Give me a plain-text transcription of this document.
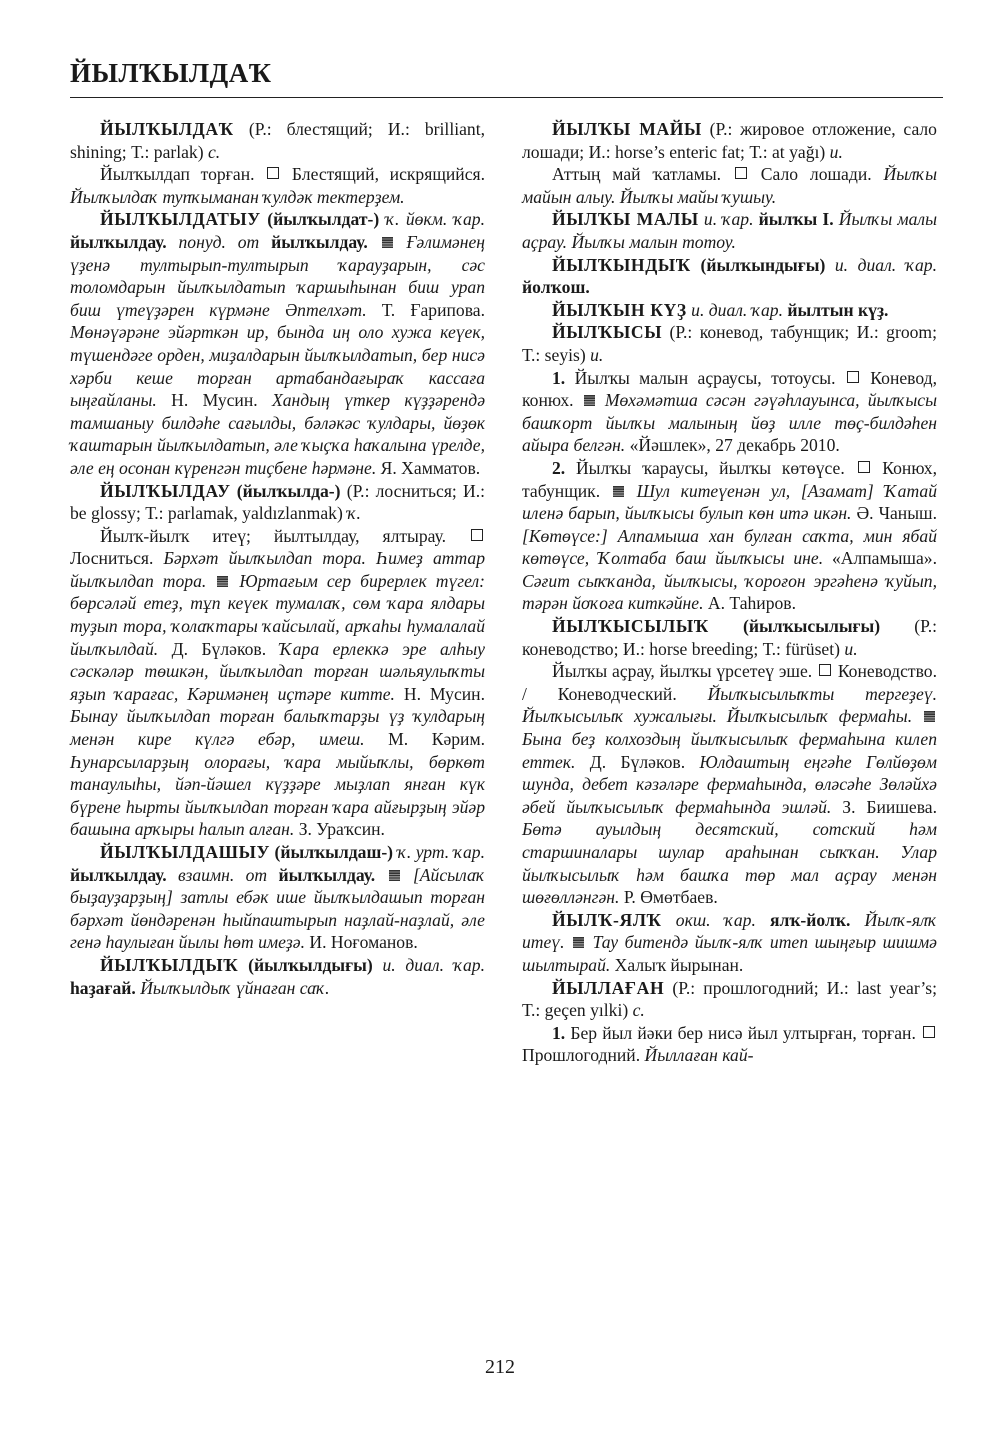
ЙЫЛҠЫЛДАҠ

ЙЫЛҠЫЛДАҠ (Р.: блестящий; И.: brilliant, shining; Т.: parlak) с.

Йылҡылдап торған.  Блестящий, искрящийся. Йылҡылдаҡ тупҡыманан ҡулдәк тектерҙем.

ЙЫЛҠЫЛДАТЫУ (йылҡылдат-) ҡ. йөкм. ҡар. йылҡылдау. понуд. от йылҡылдау. Ғәлимәнең үҙенә тултырып-тултырып ҡарауҙарын, сәс толомдарын йылҡылдатып ҡаршыһынан биш урап биш үтеүҙәрен күрмәне Әптелхәт. Т. Ғарипова. Мөнәүәрәне эйәрткән ир, бында иң оло хужа кеүек, түшендәге орден, миҙалдарын йылҡылдатып, бер нисә хәрби кеше торған артабандағыраҡ кассаға ыңғайланы. Н. Мусин. Хандың үткер күҙҙәрендә тамшаныу билдәһе сағылды, бәләкәс ҡулдары, йөҙөк ҡаштарын йылҡылдатып, әле ҡыҫҡа һаҡалына үрелде, әле ең осонан күренгән тиҫбене һәрмәне. Я. Хамматов.

ЙЫЛҠЫЛДАУ (йылҡылда-) (Р.: лосниться; И.: be glossy; Т.: parlamak, yaldızlanmak) ҡ.

Йылҡ-йылҡ итеү; йылтылдау, ялтырау.  Лосниться. Бәрхәт йылҡылдап тора. Һимеҙ аттар йылҡылдап тора. Юртағым сер бирерлек түгел: бөрсәләй етеҙ, тұп кеүек тумалаҡ, сөм ҡара ялдары туҙып тора, ҡолаҡтары ҡайсылай, арҡаһы һумалалай йылҡылдай. Д. Бүләков. Ҡара ерлеккә эре алһыу сәскәләр төшкән, йылҡылдап торған шәльяулыҡты яҙып ҡарағас, Кәримәнең иҫтәре китте. Н. Мусин. Бынау йылҡылдап торған балыҡтарҙы үҙ ҡулдарың менән кире күлгә ебәр, имеш. М. Кәрим. Һунарсыларҙың олорағы, ҡара мыйыҡлы, бөркөт танаулыһы, йәп-йәшел күҙҙәре мыҙлап янған күк бүрене һырты йылҡылдап торған ҡара айғырҙың эйәр башына арҡыры һалып алған. З. Ураҡсин.

ЙЫЛҠЫЛДАШЫУ (йылҡылдаш-) ҡ. урт. ҡар. йылҡылдау. взаимн. от йылҡылдау. [Айсылаҡ быҙауҙарҙың] затлы ебәк ише йылҡылдашып торған бәрхәт йөндәренән һыйпаштырып наҙлай-наҙлай, әле генә һаулыған йылы һөт имеҙә. И. Ноғоманов.

ЙЫЛҠЫЛДЫҠ (йылҡылдығы) и. диал. ҡар. һаҙағай. Йылҡылдыҡ үйнаған саҡ.

ЙЫЛҠЫ МАЙЫ (Р.: жировое отложение, сало лошади; И.: horse’s enteric fat; Т.: at yağı) и.

Аттың май ҡатламы.  Сало лошади. Йылҡы майын алыу. Йылҡы майы ҡушыу.

ЙЫЛҠЫ МАЛЫ и. ҡар. йылҡы I. Йылҡы малы аҫрау. Йылҡы малын тотоу.

ЙЫЛҠЫНДЫҠ (йылҡындығы) и. диал. ҡар. йолҡош.

ЙЫЛҠЫН КҮҘ и. диал. ҡар. йылтын күҙ.

ЙЫЛҠЫСЫ (Р.: коневод, табунщик; И.: groom; Т.: seyis) и.

1. Йылҡы малын аҫраусы, тотоусы.  Коневод, конюх.  Мөхәмәтша сәсән гәүәһлауынса, йылҡысы башҡорт йылҡы малының йөҙ илле төҫ-билдәһен айыра белгән. «Йәшлек», 27 декабрь 2010.

2. Йылҡы ҡараусы, йылҡы көтөүсе.  Конюх, табунщик.  Шул китеүенән ул, [Азамат] Ҡатай иленә барып, йылҡысы булып көн итә икән. Ә. Чаныш. [Көтөүсе:] Алпамыша хан булған саҡта, мин ябай көтөүсе, Ҡолтаба баш йылҡысы ине. «Алпамыша». Сәғит сыҡҡанда, йылҡысы, ҡороғон эргәһенә ҡуйып, тәрән йоҡоға киткәйне. А. Таһиров.

ЙЫЛҠЫСЫЛЫҠ (йылҡысылығы) (Р.: коневодство; И.: horse breeding; Т.: fürüset) и.

Йылҡы аҫрау, йылҡы үрсетеү эше.  Коневодство. / Коневодческий. Йылҡысылыҡты тергеҙеү. Йылҡысылыҡ хужалығы. Йылҡысылыҡ фермаһы.  Бына беҙ колхоздың йылҡысылыҡ фермаһына килеп еттек. Д. Бүләков. Юлдаштың еңгәһе Гөлйөҙөм шунда, дебет кәзәләре фермаһында, өләсәһе Зөләйхә әбей йылҡысылыҡ фермаһында эшләй. З. Биишева. Бөтә ауылдың десятский, сотский һәм старшиналары шулар араһынан сыҡҡан. Улар йылҡысылыҡ һәм башҡа төр мал аҫрау менән шөғөлләнгән. Р. Өмөтбаев.

ЙЫЛҠ-ЯЛҠ окш. ҡар. ялҡ-йолҡ. Йылҡ-ялҡ итеү. Тау битендә йылҡ-ялҡ итеп шыңғыр шишмә шылтырай. Халыҡ йырынан.

ЙЫЛЛАҒАН (Р.: прошлогодний; И.: last year’s; Т.: geçen yılki) с.

1. Бер йыл йәки бер нисә йыл ултырған, торған.  Прошлогодний. Йыллаған кай-

212
